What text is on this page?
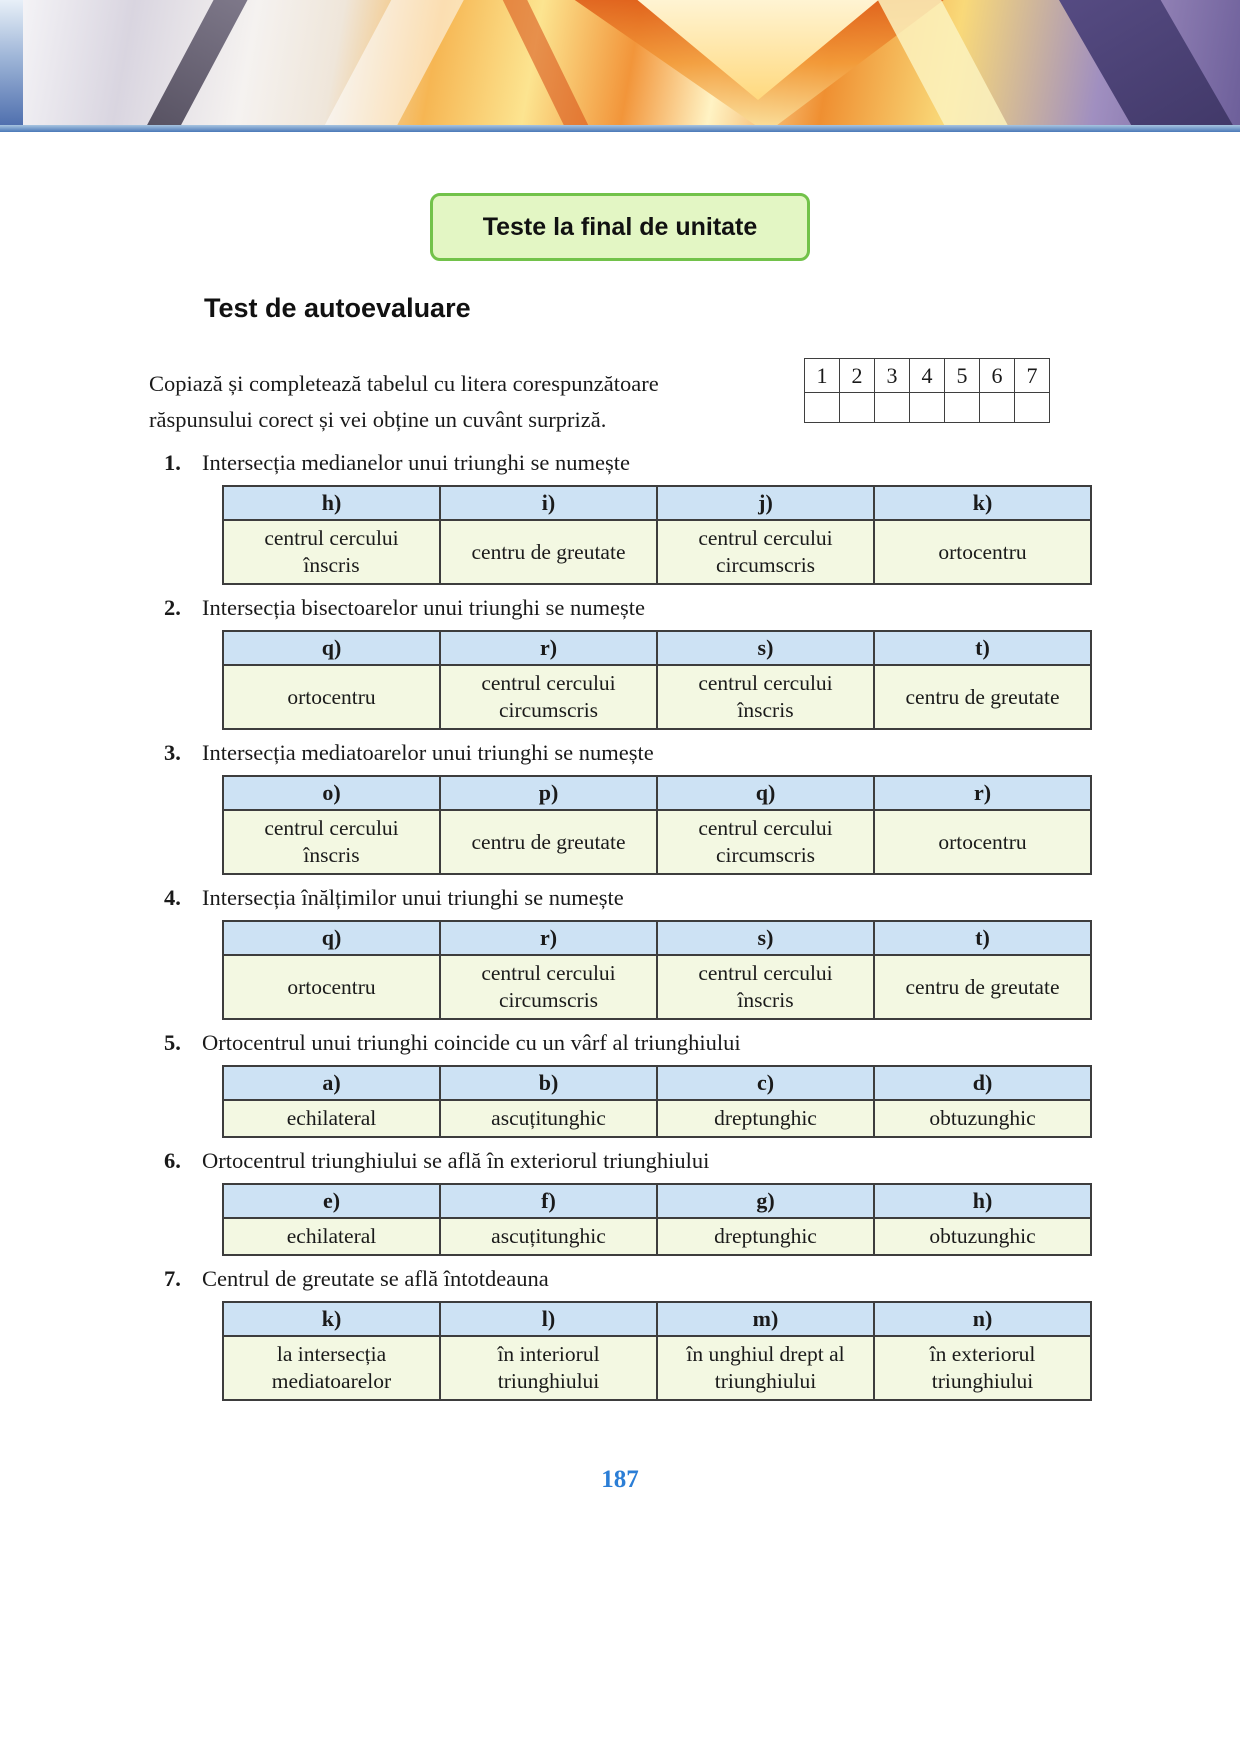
Teste la final de unitate
Test de autoevaluare
Copiază și completează tabelul cu litera corespunzătoare răspunsului corect și vei obține un cuvânt surpriză.
1	2	3	4	5	6	7

1. Intersecția medianelor unui triunghi se numește
h)	i)	j)	k)
centrul cercului înscris	centru de greutate	centrul cercului circumscris	ortocentru
2. Intersecția bisectoarelor unui triunghi se numește
q)	r)	s)	t)
ortocentru	centrul cercului circumscris	centrul cercului înscris	centru de greutate
3. Intersecția mediatoarelor unui triunghi se numește
o)	p)	q)	r)
centrul cercului înscris	centru de greutate	centrul cercului circumscris	ortocentru
4. Intersecția înălțimilor unui triunghi se numește
q)	r)	s)	t)
ortocentru	centrul cercului circumscris	centrul cercului înscris	centru de greutate
5. Ortocentrul unui triunghi coincide cu un vârf al triunghiului
a)	b)	c)	d)
echilateral	ascuțitunghic	dreptunghic	obtuzunghic
6. Ortocentrul triunghiului se află în exteriorul triunghiului
e)	f)	g)	h)
echilateral	ascuțitunghic	dreptunghic	obtuzunghic
7. Centrul de greutate se află întotdeauna
k)	l)	m)	n)
la intersecția mediatoarelor	în interiorul triunghiului	în unghiul drept al triunghiului	în exteriorul triunghiului
187
